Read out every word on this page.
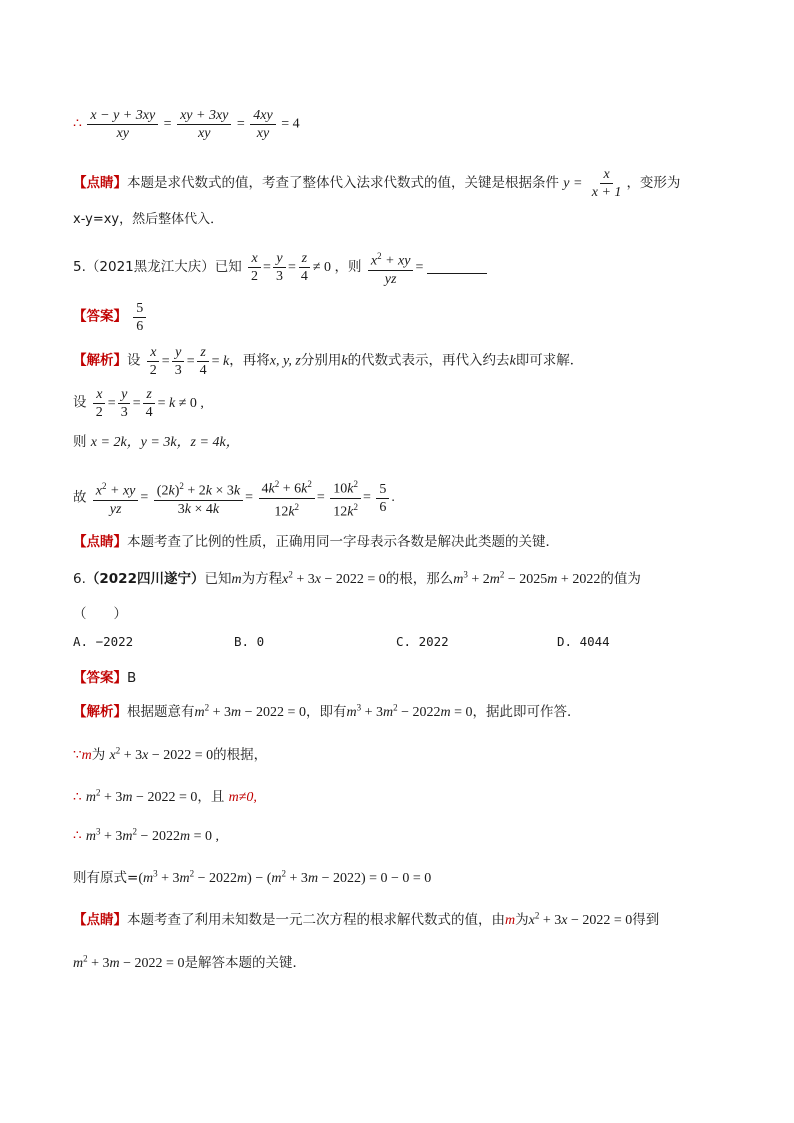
∴ $\frac{x - y + 3xy}{xy} = \frac{xy + 3xy}{xy} = \frac{4xy}{xy} = 4$
【点睛】本题是求代数式的值，考查了整体代入法求代数式的值，关键是根据条件 $y = \frac{x}{x + 1}$ ，变形为
x-y=xy，然后整体代入．
5.（2021黑龙江大庆）已知 $\frac{x}{2} = \frac{y}{3} = \frac{z}{4} \ne 0$ ，则 $\frac{x^2 + xy}{yz}$ =
【答案】 $\frac{5}{6}$
【解析】设 $\frac{x}{2} = \frac{y}{3} = \frac{z}{4} = k$，再将x, y, z分别用k的代数式表示，再代入约去k即可求解．
设 $\frac{x}{2} = \frac{y}{3} = \frac{z}{4} = k \ne 0$ ,
则 x = 2k，y = 3k，z = 4k，
故 $\frac{x^2 + xy}{yz} = \frac{(2k)^2 + 2k \times 3k}{3k \times 4k} = \frac{4k^2 + 6k^2}{12k^2} = \frac{10k^2}{12k^2} = \frac{5}{6}$ .
【点睛】本题考查了比例的性质，正确用同一字母表示各数是解决此类题的关键．
6.（2022四川遂宁）已知m为方程$x^2 + 3x - 2022 = 0$的根，那么$m^3 + 2m^2 - 2025m + 2022$的值为
（　　）
A. −2022	B. 0	C. 2022	D. 4044
【答案】B
【解析】根据题意有$m^2 + 3m - 2022 = 0$，即有$m^3 + 3m^2 - 2022m = 0$，据此即可作答．
∵m为 $x^2 + 3x - 2022 = 0$的根据，
∴ $m^2 + 3m - 2022 = 0$，且 m≠0,
∴ $m^3 + 3m^2 - 2022m = 0$ ,
则有原式$=(m^3 + 3m^2 - 2022m) - (m^2 + 3m - 2022) = 0 - 0 = 0$
【点睛】本题考查了利用未知数是一元二次方程的根求解代数式的值，由m为$x^2 + 3x - 2022 = 0$得到
$m^2 + 3m - 2022 = 0$是解答本题的关键．
